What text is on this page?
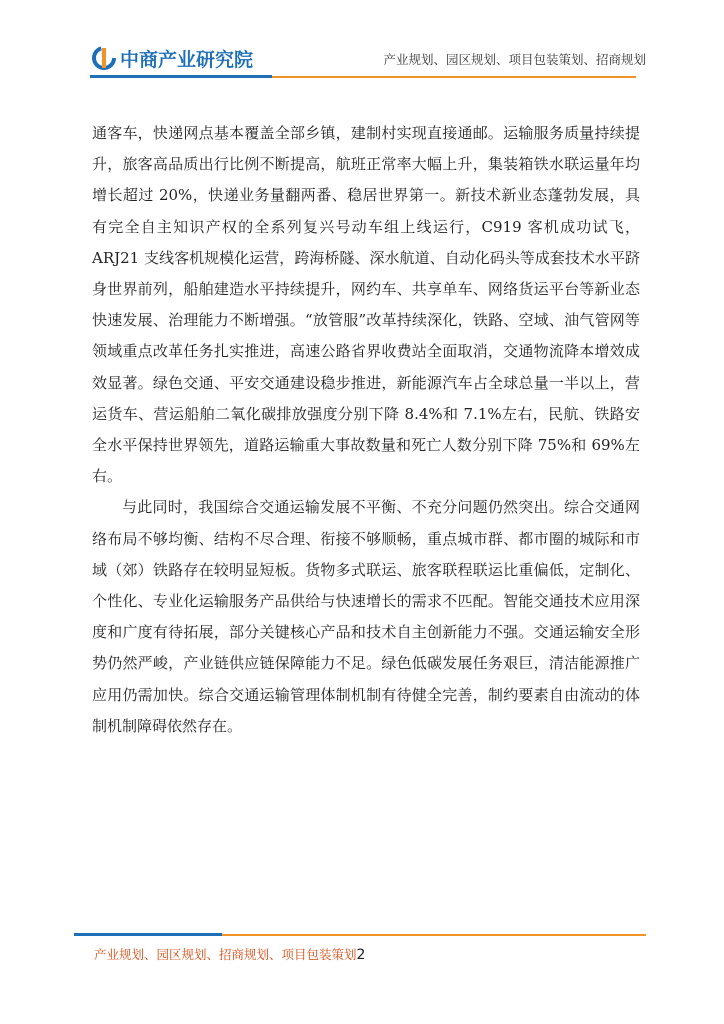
中商产业研究院	产业规划、园区规划、项目包装策划、招商规划

通客车，快递网点基本覆盖全部乡镇，建制村实现直接通邮。运输服务质量持续提升，旅客高品质出行比例不断提高，航班正常率大幅上升，集装箱铁水联运量年均增长超过 20%，快递业务量翻两番、稳居世界第一。新技术新业态蓬勃发展，具有完全自主知识产权的全系列复兴号动车组上线运行，C919 客机成功试飞，ARJ21 支线客机规模化运营，跨海桥隧、深水航道、自动化码头等成套技术水平跻身世界前列，船舶建造水平持续提升，网约车、共享单车、网络货运平台等新业态快速发展、治理能力不断增强。“放管服”改革持续深化，铁路、空域、油气管网等领域重点改革任务扎实推进，高速公路省界收费站全面取消，交通物流降本增效成效显著。绿色交通、平安交通建设稳步推进，新能源汽车占全球总量一半以上，营运货车、营运船舶二氧化碳排放强度分别下降 8.4%和 7.1%左右，民航、铁路安全水平保持世界领先，道路运输重大事故数量和死亡人数分别下降 75%和 69%左右。

与此同时，我国综合交通运输发展不平衡、不充分问题仍然突出。综合交通网络布局不够均衡、结构不尽合理、衔接不够顺畅，重点城市群、都市圈的城际和市域（郊）铁路存在较明显短板。货物多式联运、旅客联程联运比重偏低，定制化、个性化、专业化运输服务产品供给与快速增长的需求不匹配。智能交通技术应用深度和广度有待拓展，部分关键核心产品和技术自主创新能力不强。交通运输安全形势仍然严峻，产业链供应链保障能力不足。绿色低碳发展任务艰巨，清洁能源推广应用仍需加快。综合交通运输管理体制机制有待健全完善，制约要素自由流动的体制机制障碍依然存在。

产业规划、园区规划、招商规划、项目包装策划2
